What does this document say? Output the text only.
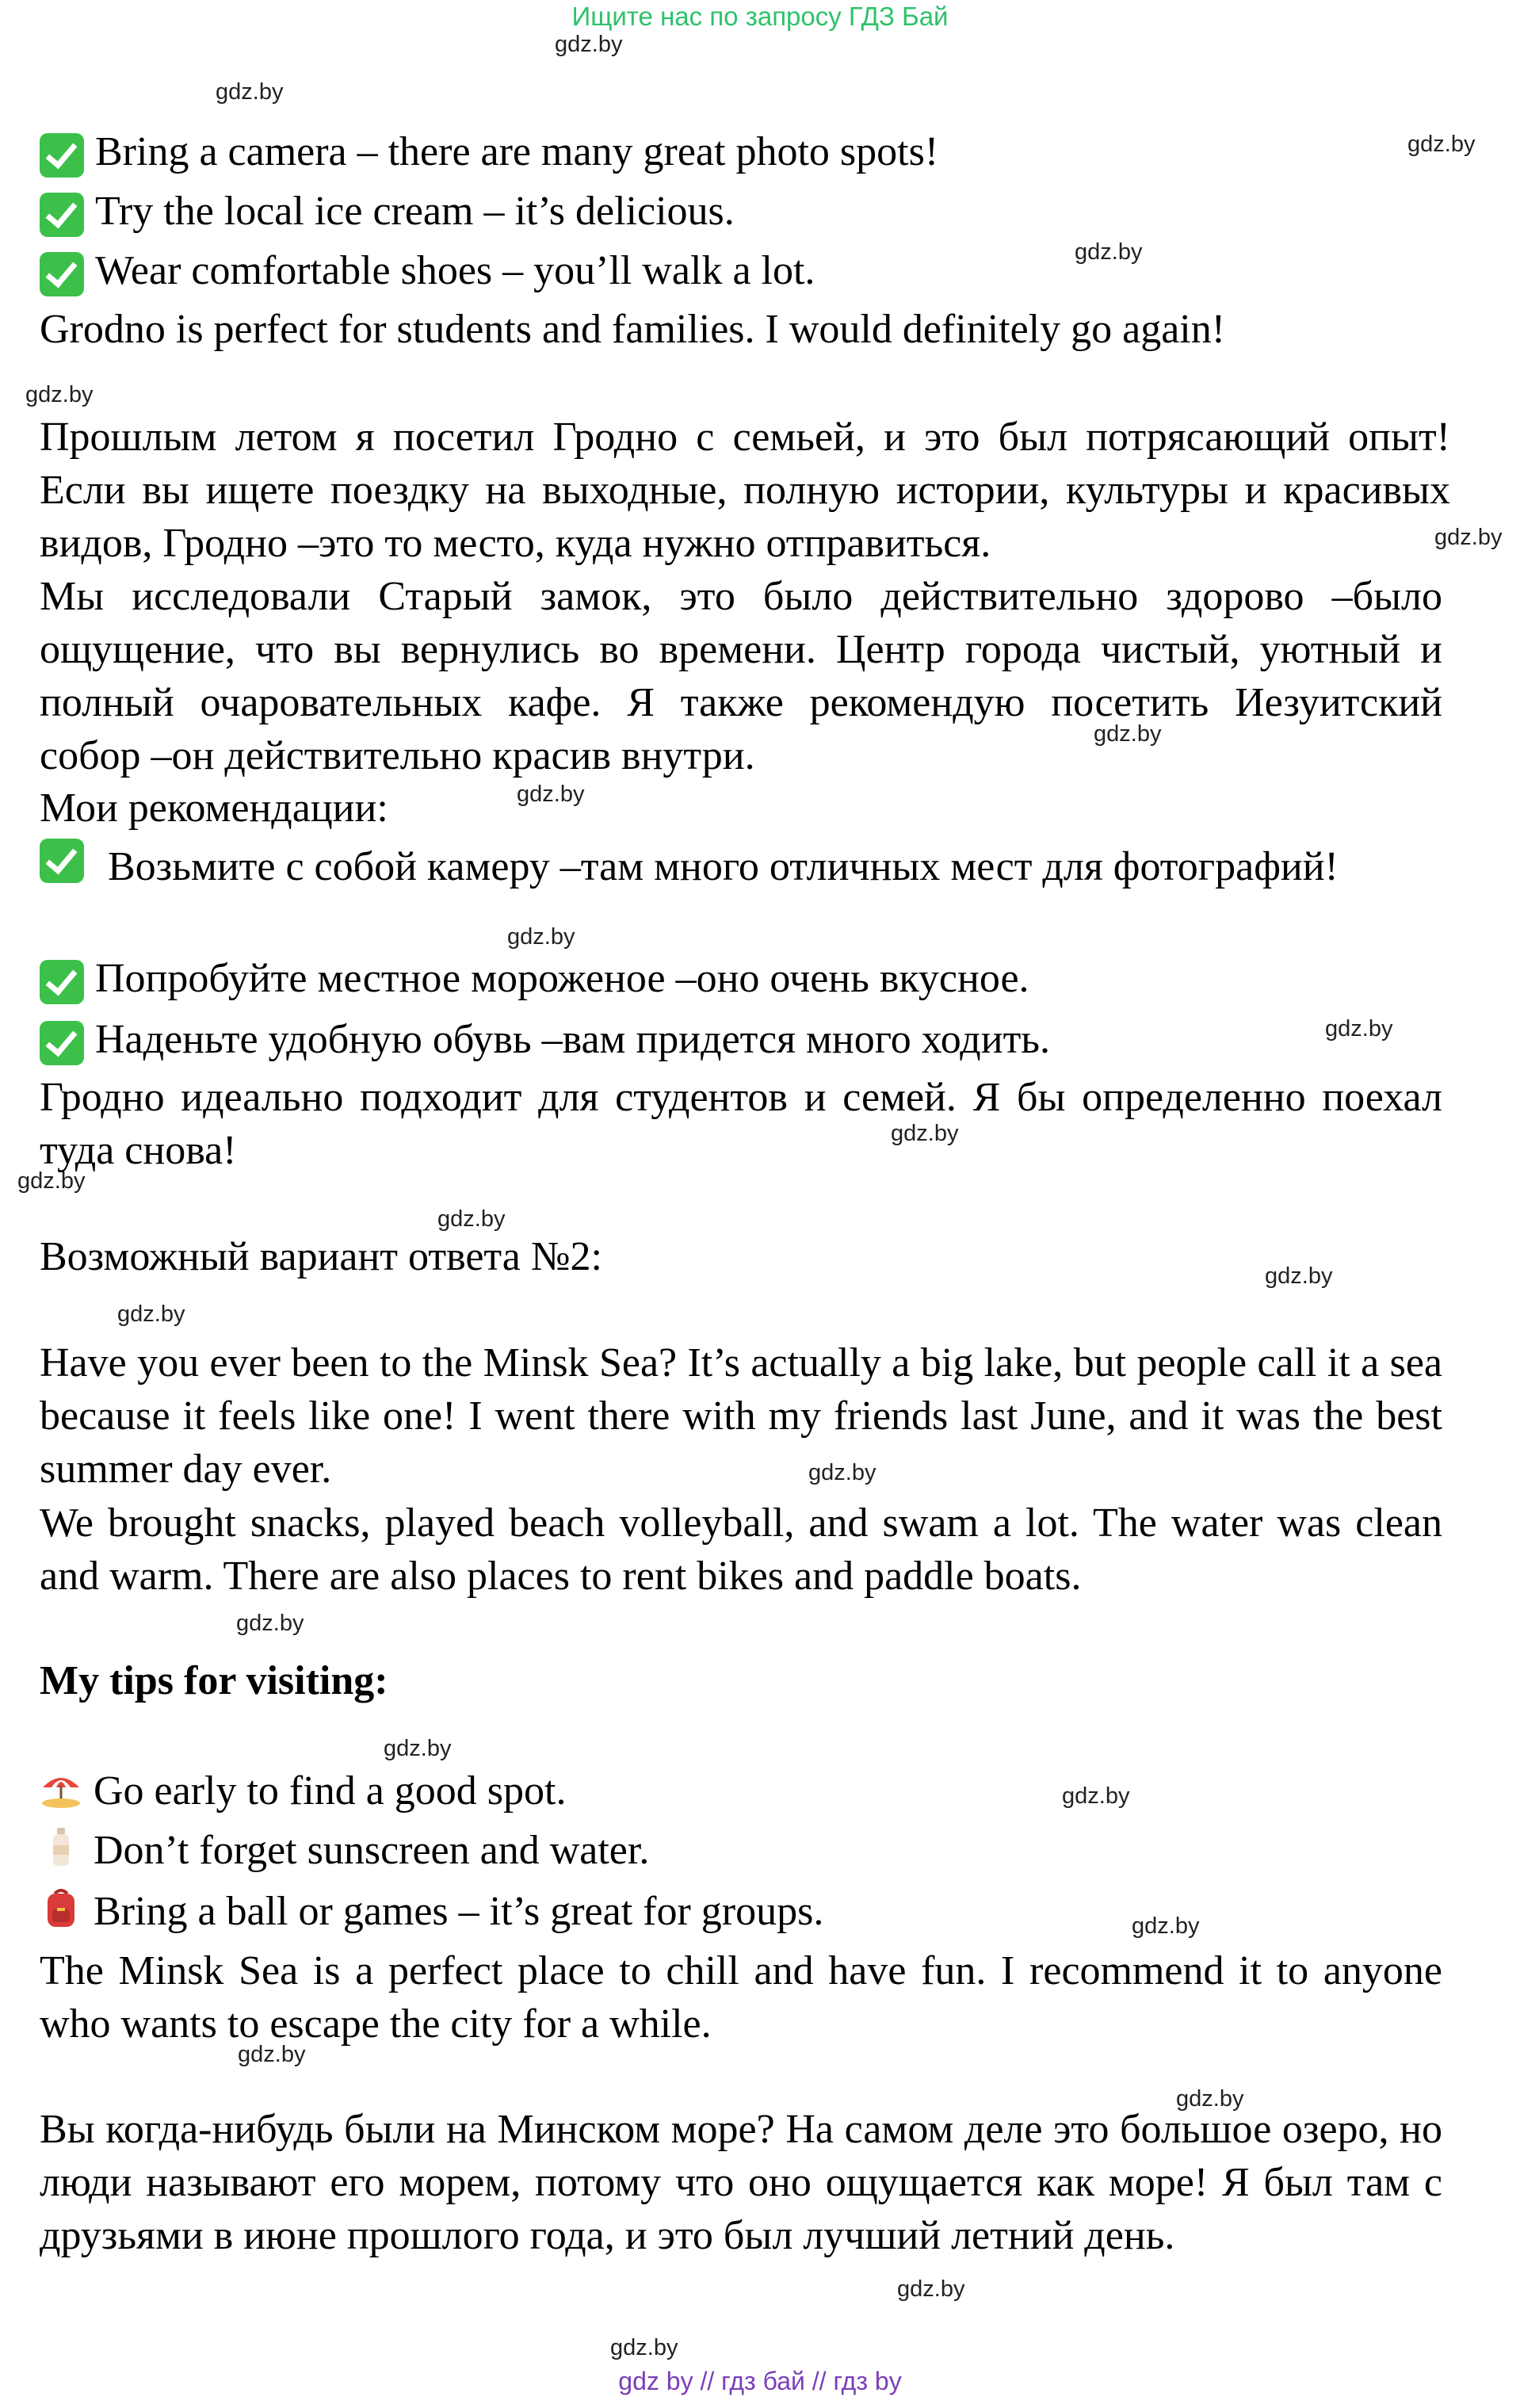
Ищите нас по запросу ГДЗ Бай
gdz.by
gdz.by
gdz.by
gdz.by
gdz.by
gdz.by
gdz.by
gdz.by
gdz.by
gdz.by
gdz.by
gdz.by
gdz.by
gdz.by
gdz.by
gdz.by
gdz.by
gdz.by
gdz.by
gdz.by
gdz.by
gdz.by
gdz.by
gdz.by
Bring a camera – there are many great photo spots!
Try the local ice cream – it’s delicious.
Wear comfortable shoes – you’ll walk a lot.
Grodno is perfect for students and families. I would definitely go again!
Прошлым летом я посетил Гродно с семьей, и это был потрясающий опыт! Если вы ищете поездку на выходные, полную истории, культуры и красивых видов, Гродно –это то место, куда нужно отправиться.
Мы исследовали Старый замок, это было действительно здорово –было ощущение, что вы вернулись во времени. Центр города чистый, уютный и полный очаровательных кафе. Я также рекомендую посетить Иезуитский собор –он действительно красив внутри.
Мои рекомендации:
Возьмите с собой камеру –там много отличных мест для фотографий!
Попробуйте местное мороженое –оно очень вкусное.
Наденьте удобную обувь –вам придется много ходить.
Гродно идеально подходит для студентов и семей. Я бы определенно поехал туда снова!
Возможный вариант ответа №2:
Have you ever been to the Minsk Sea? It’s actually a big lake, but people call it a sea because it feels like one! I went there with my friends last June, and it was the best summer day ever.
We brought snacks, played beach volleyball, and swam a lot. The water was clean and warm. There are also places to rent bikes and paddle boats.
My tips for visiting:
Go early to find a good spot.
Don’t forget sunscreen and water.
Bring a ball or games – it’s great for groups.
The Minsk Sea is a perfect place to chill and have fun. I recommend it to anyone who wants to escape the city for a while.
Вы когда-нибудь были на Минском море? На самом деле это большое озеро, но люди называют его морем, потому что оно ощущается как море! Я был там с друзьями в июне прошлого года, и это был лучший летний день.
gdz by // гдз бай // гдз by
